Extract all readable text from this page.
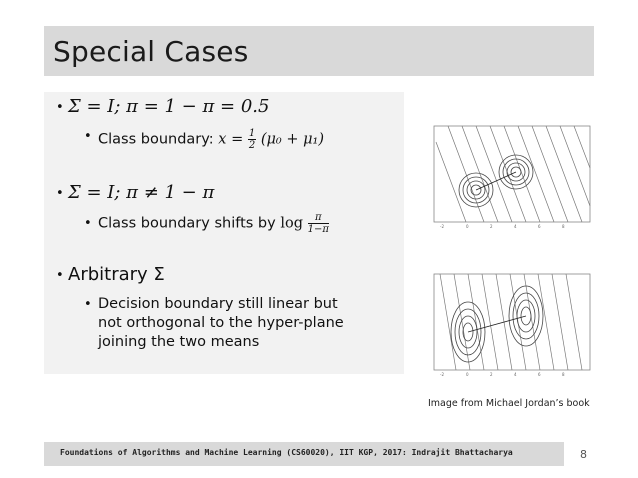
Special Cases
• Σ = 𝐼; 𝜋 = 1 − 𝜋 = 0.5
• Class boundary: $x = \frac{1}{2} (\mu_0 + \mu_1)$
• Σ = 𝐼; 𝜋 ≠ 1 − 𝜋
• Class boundary shifts by $\log \frac{\pi}{1-\pi}$
• Arbitrary Σ
• Decision boundary still linear but
not orthogonal to the hyper-plane
joining the two means
-2	0	2	4	6	8
-2	0	2	4	6	8
Image from Michael Jordan’s book
Foundations of Algorithms and Machine Learning (CS60020), IIT KGP, 2017: Indrajit Bhattacharya	8
